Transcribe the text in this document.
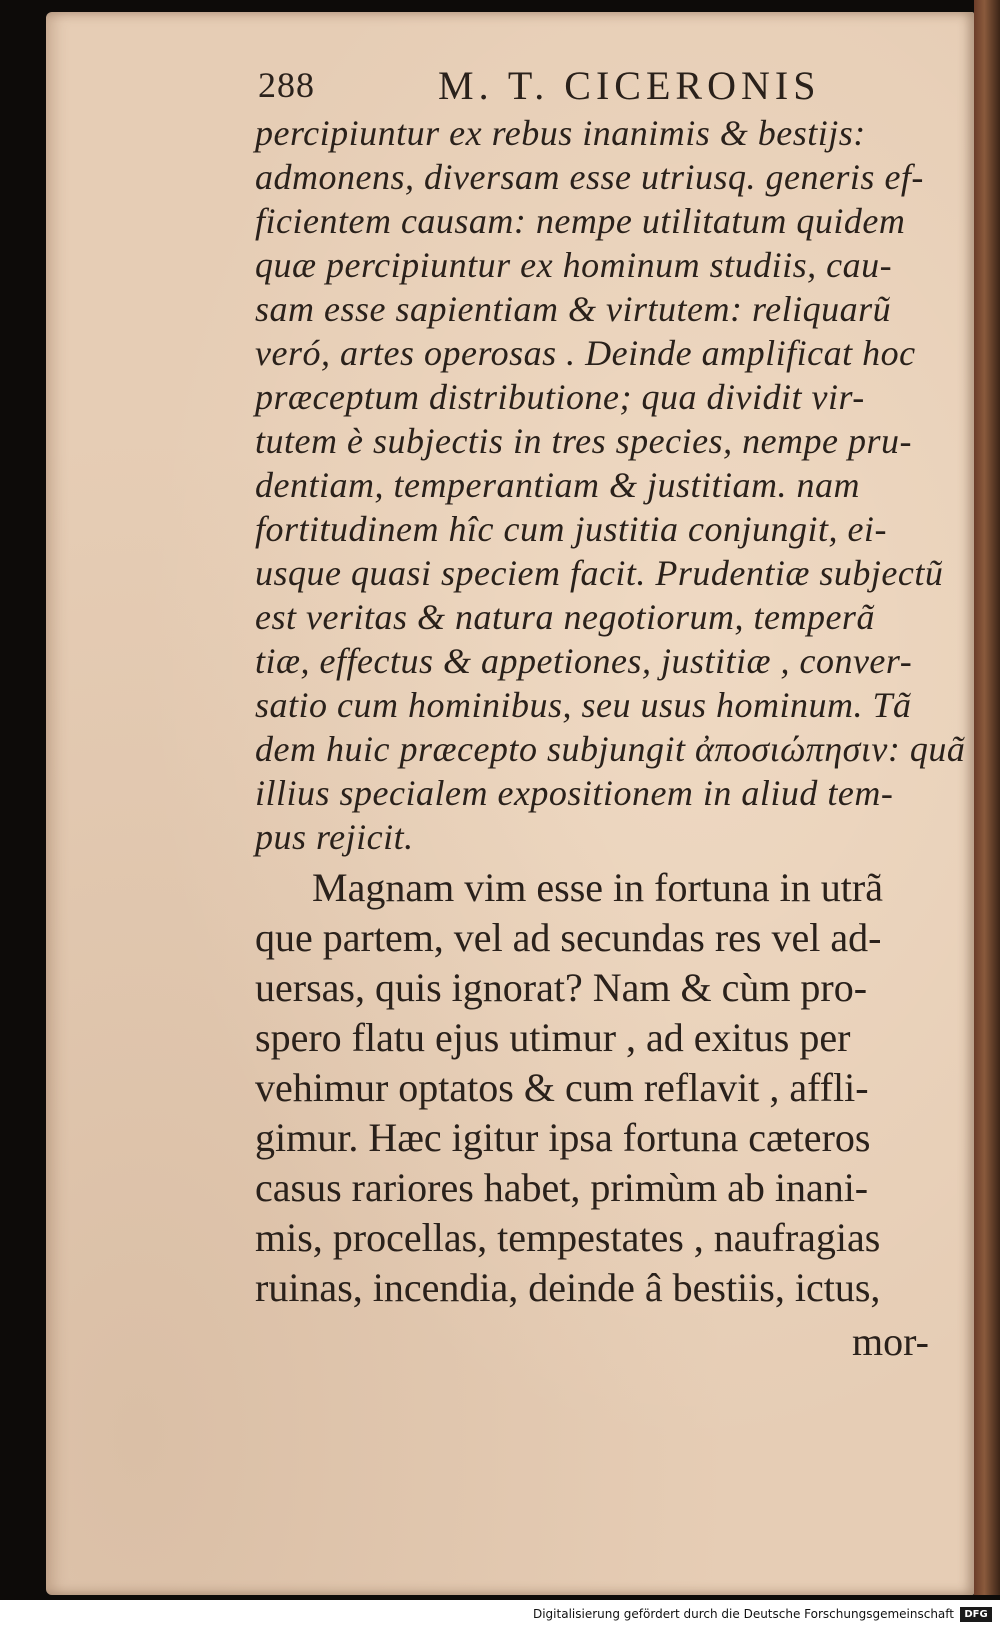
288	M. T. CICERONIS
percipiuntur ex rebus inanimis & bestijs:
admonens, diversam esse utriusq. generis ef-
ficientem causam: nempe utilitatum quidem
quæ percipiuntur ex hominum studiis, cau-
sam esse sapientiam & virtutem: reliquarũ
veró, artes operosas . Deinde amplificat hoc
præceptum distributione; qua dividit vir-
tutem è subjectis in tres species, nempe pru-
dentiam, temperantiam & justitiam. nam
fortitudinem hîc cum justitia conjungit, ei-
usque quasi speciem facit. Prudentiæ subjectũ
est veritas & natura negotiorum, temperã
tiæ, effectus & appetiones, justitiæ , conver-
satio cum hominibus, seu usus hominum. Tã
dem huic præcepto subjungit ἀποσιώπησιν: quã
illius specialem expositionem in aliud tem-
pus rejicit.
Magnam vim esse in fortuna in utrã
que partem, vel ad secundas res vel ad-
uersas, quis ignorat? Nam & cùm pro-
spero flatu ejus utimur , ad exitus per
vehimur optatos & cum reflavit , affli-
gimur. Hæc igitur ipsa fortuna cæteros
casus rariores habet, primùm ab inani-
mis, procellas, tempestates , naufragias
ruinas, incendia, deinde â bestiis, ictus,
mor-
Digitalisierung gefördert durch die Deutsche Forschungsgemeinschaft	DFG
